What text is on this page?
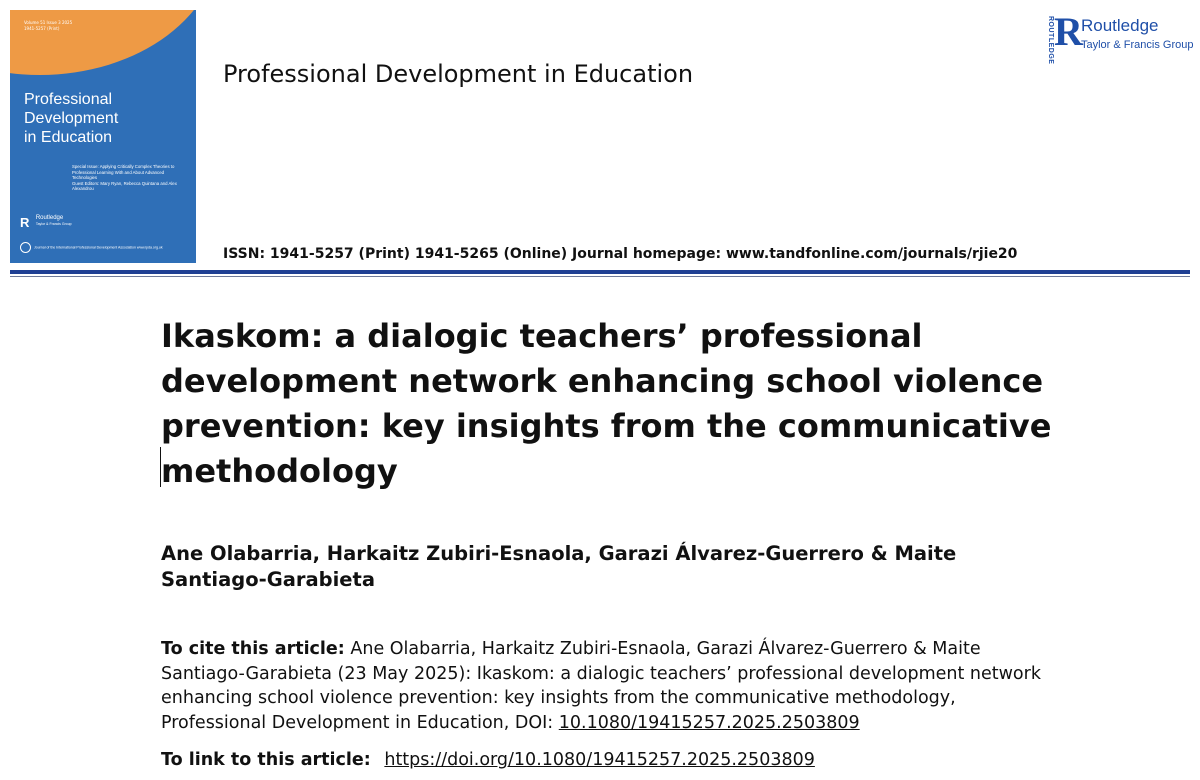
Volume 51 Issue 3 2025
1941-5257 (Print)
Professional
Development
in Education
Special Issue: Applying Critically Complex Theories to Professional Learning With and About Advanced Technologies
Guest Editors: Mary Ryan, Rebecca Quintana and Alex Alexandrou
R Routledge
Taylor & Francis Group
Journal of the International Professional Development Association www.ipda.org.uk
Professional Development in Education
ISSN: 1941-5257 (Print) 1941-5265 (Online) Journal homepage: www.tandfonline.com/journals/rjie20
ROUTLEDGE R
Routledge
Taylor & Francis Group
Ikaskom: a dialogic teachers’ professional development network enhancing school violence prevention: key insights from the communicative methodology

Ane Olabarria, Harkaitz Zubiri-Esnaola, Garazi Álvarez-Guerrero & Maite Santiago-Garabieta

To cite this article: Ane Olabarria, Harkaitz Zubiri-Esnaola, Garazi Álvarez-Guerrero & Maite Santiago-Garabieta (23 May 2025): Ikaskom: a dialogic teachers’ professional development network enhancing school violence prevention: key insights from the communicative methodology, Professional Development in Education, DOI: 10.1080/19415257.2025.2503809

To link to this article: https://doi.org/10.1080/19415257.2025.2503809
